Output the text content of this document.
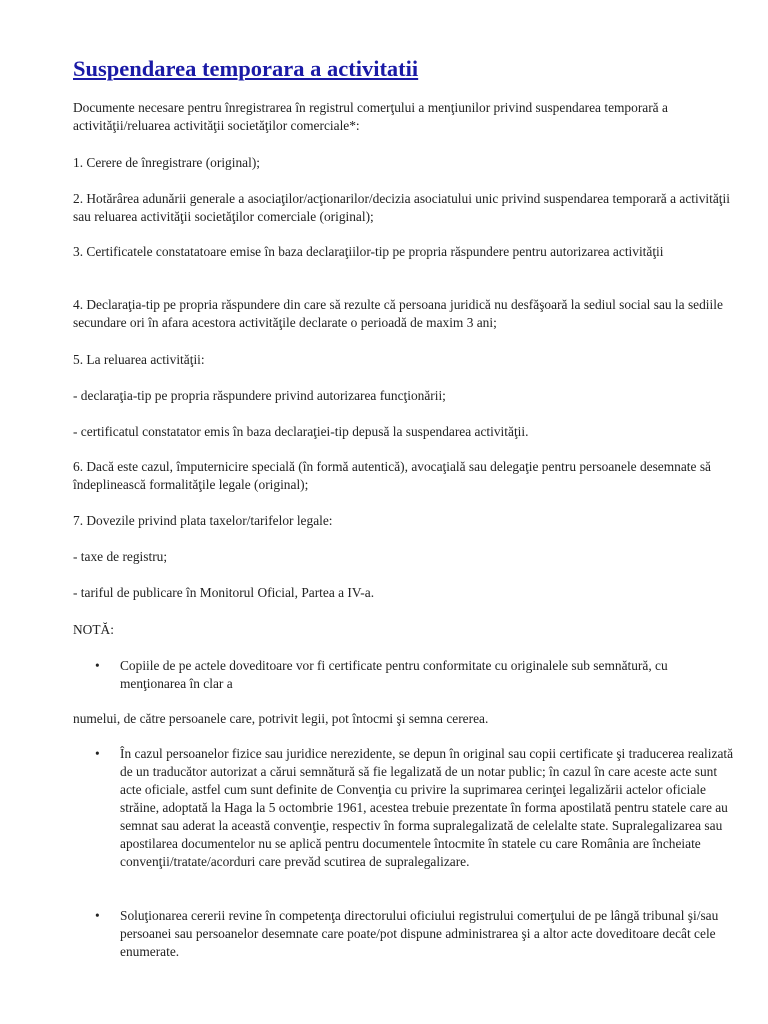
Suspendarea temporara a activitatii

Documente necesare pentru înregistrarea în registrul comerţului a menţiunilor privind suspendarea temporară a activităţii/reluarea activităţii societăţilor comerciale*:

1. Cerere de înregistrare (original);

2. Hotărârea adunării generale a asociaţilor/acţionarilor/decizia asociatului unic privind suspendarea temporară a activităţii sau reluarea activităţii societăţilor comerciale (original);

3. Certificatele constatatoare emise în baza declaraţiilor-tip pe propria răspundere pentru autorizarea activităţii

4. Declaraţia-tip pe propria răspundere din care să rezulte că persoana juridică nu desfăşoară la sediul social sau la sediile secundare ori în afara acestora activităţile declarate o perioadă de maxim 3 ani;

5. La reluarea activităţii:

- declaraţia-tip pe propria răspundere privind autorizarea funcţionării;

- certificatul constatator emis în baza declaraţiei-tip depusă la suspendarea activităţii.

6. Dacă este cazul, împuternicire specială (în formă autentică), avocaţială sau delegaţie pentru persoanele desemnate să îndeplinească formalităţile legale (original);

7. Dovezile privind plata taxelor/tarifelor legale:

- taxe de registru;

- tariful de publicare în Monitorul Oficial, Partea a IV-a.

NOTĂ:

•	Copiile de pe actele doveditoare vor fi certificate pentru conformitate cu originalele sub semnătură, cu menţionarea în clar a

numelui, de către persoanele care, potrivit legii, pot întocmi şi semna cererea.

•	În cazul persoanelor fizice sau juridice nerezidente, se depun în original sau copii certificate şi traducerea realizată de un traducător autorizat a cărui semnătură să fie legalizată de un notar public; în cazul în care aceste acte sunt acte oficiale, astfel cum sunt definite de Convenţia cu privire la suprimarea cerinţei legalizării actelor oficiale străine, adoptată la Haga la 5 octombrie 1961, acestea trebuie prezentate în forma apostilată pentru statele care au semnat sau aderat la această convenţie, respectiv în forma supralegalizată de celelalte state. Supralegalizarea sau apostilarea documentelor nu se aplică pentru documentele întocmite în statele cu care România are încheiate convenţii/tratate/acorduri care prevăd scutirea de supralegalizare.

•	Soluţionarea cererii revine în competenţa directorului oficiului registrului comerţului de pe lângă tribunal şi/sau persoanei sau persoanelor desemnate care poate/pot dispune administrarea şi a altor acte doveditoare decât cele enumerate.
